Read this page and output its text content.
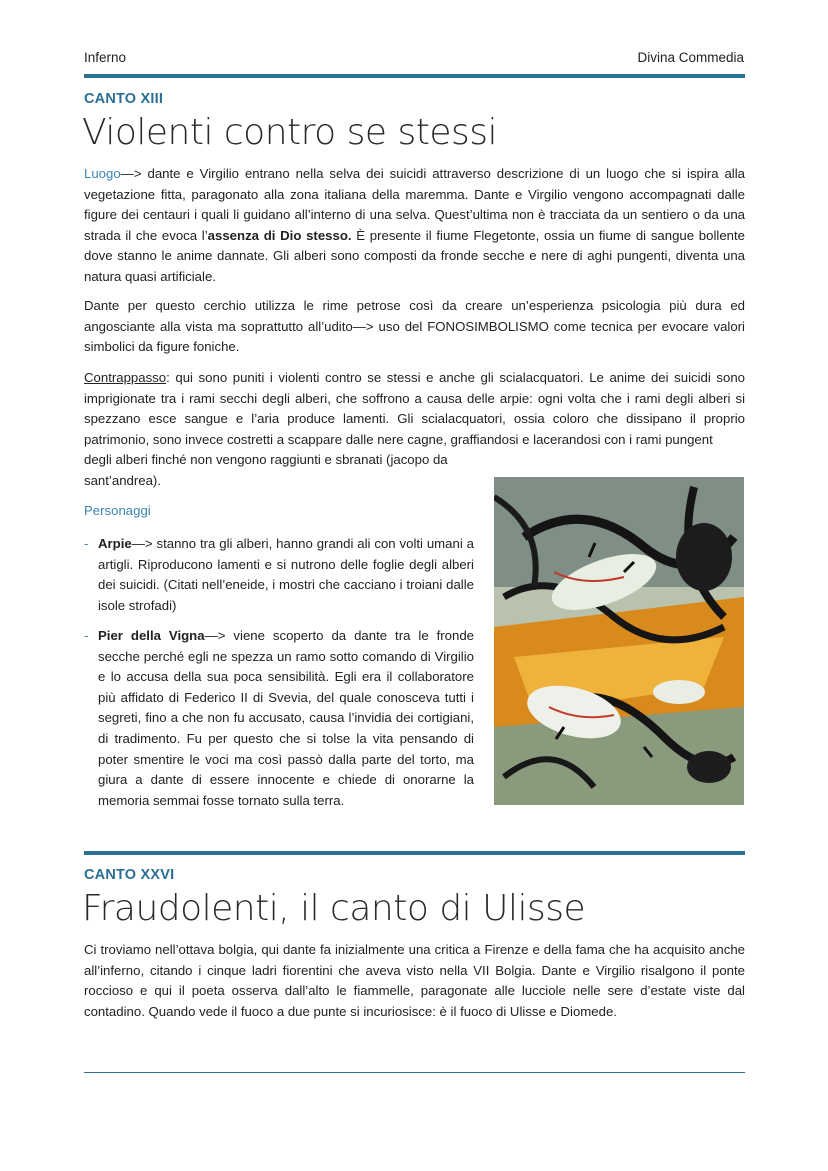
Inferno	Divina Commedia
CANTO XIII
Violenti contro se stessi
Luogo—> dante e Virgilio entrano nella selva dei suicidi attraverso descrizione di un luogo che si ispira alla vegetazione fitta, paragonato alla zona italiana della maremma. Dante e Virgilio vengono accompagnati dalle figure dei centauri i quali li guidano all’interno di una selva. Quest’ultima non è tracciata da un sentiero o da una strada il che evoca l’assenza di Dio stesso. È presente il fiume Flegetonte, ossia un fiume di sangue bollente dove stanno le anime dannate. Gli alberi sono composti da fronde secche e nere di aghi pungenti, diventa una natura quasi artificiale.
Dante per questo cerchio utilizza le rime petrose così da creare un’esperienza psicologia più dura ed angosciante alla vista ma soprattutto all’udito—> uso del FONOSIMBOLISMO come tecnica per evocare valori simbolici da figure foniche.
Contrappasso: qui sono puniti i violenti contro se stessi e anche gli scialacquatori. Le anime dei suicidi sono imprigionate tra i rami secchi degli alberi, che soffrono a causa delle arpie: ogni volta che i rami degli alberi si spezzano esce sangue e l’aria produce lamenti. Gli scialacquatori, ossia coloro che dissipano il proprio patrimonio, sono invece costretti a scappare dalle nere cagne, graffiandosi e lacerandosi con i rami pungent
degli alberi finché non vengono raggiunti e sbranati (jacopo da sant’andrea).
Personaggi
- Arpie—> stanno tra gli alberi, hanno grandi ali con volti umani a artigli. Riproducono lamenti e si nutrono delle foglie degli alberi dei suicidi. (Citati nell’eneide, i mostri che cacciano i troiani dalle isole strofadi)
- Pier della Vigna—> viene scoperto da dante tra le fronde secche perché egli ne spezza un ramo sotto comando di Virgilio e lo accusa della sua poca sensibilità. Egli era il collaboratore più affidato di Federico II di Svevia, del quale conosceva tutti i segreti, fino a che non fu accusato, causa l’invidia dei cortigiani, di tradimento. Fu per questo che si tolse la vita pensando di poter smentire le voci ma così passò dalla parte del torto, ma giura a dante di essere innocente e chiede di onorarne la memoria semmai fosse tornato sulla terra.
CANTO XXVI
Fraudolenti, il canto di Ulisse
Ci troviamo nell’ottava bolgia, qui dante fa inizialmente una critica a Firenze e della fama che ha acquisito anche all’inferno, citando i cinque ladri fiorentini che aveva visto nella VII Bolgia. Dante e Virgilio risalgono il ponte roccioso e qui il poeta osserva dall’alto le fiammelle, paragonate alle lucciole nelle sere d’estate viste dal contadino. Quando vede il fuoco a due punte si incuriosisce: è il fuoco di Ulisse e Diomede.
